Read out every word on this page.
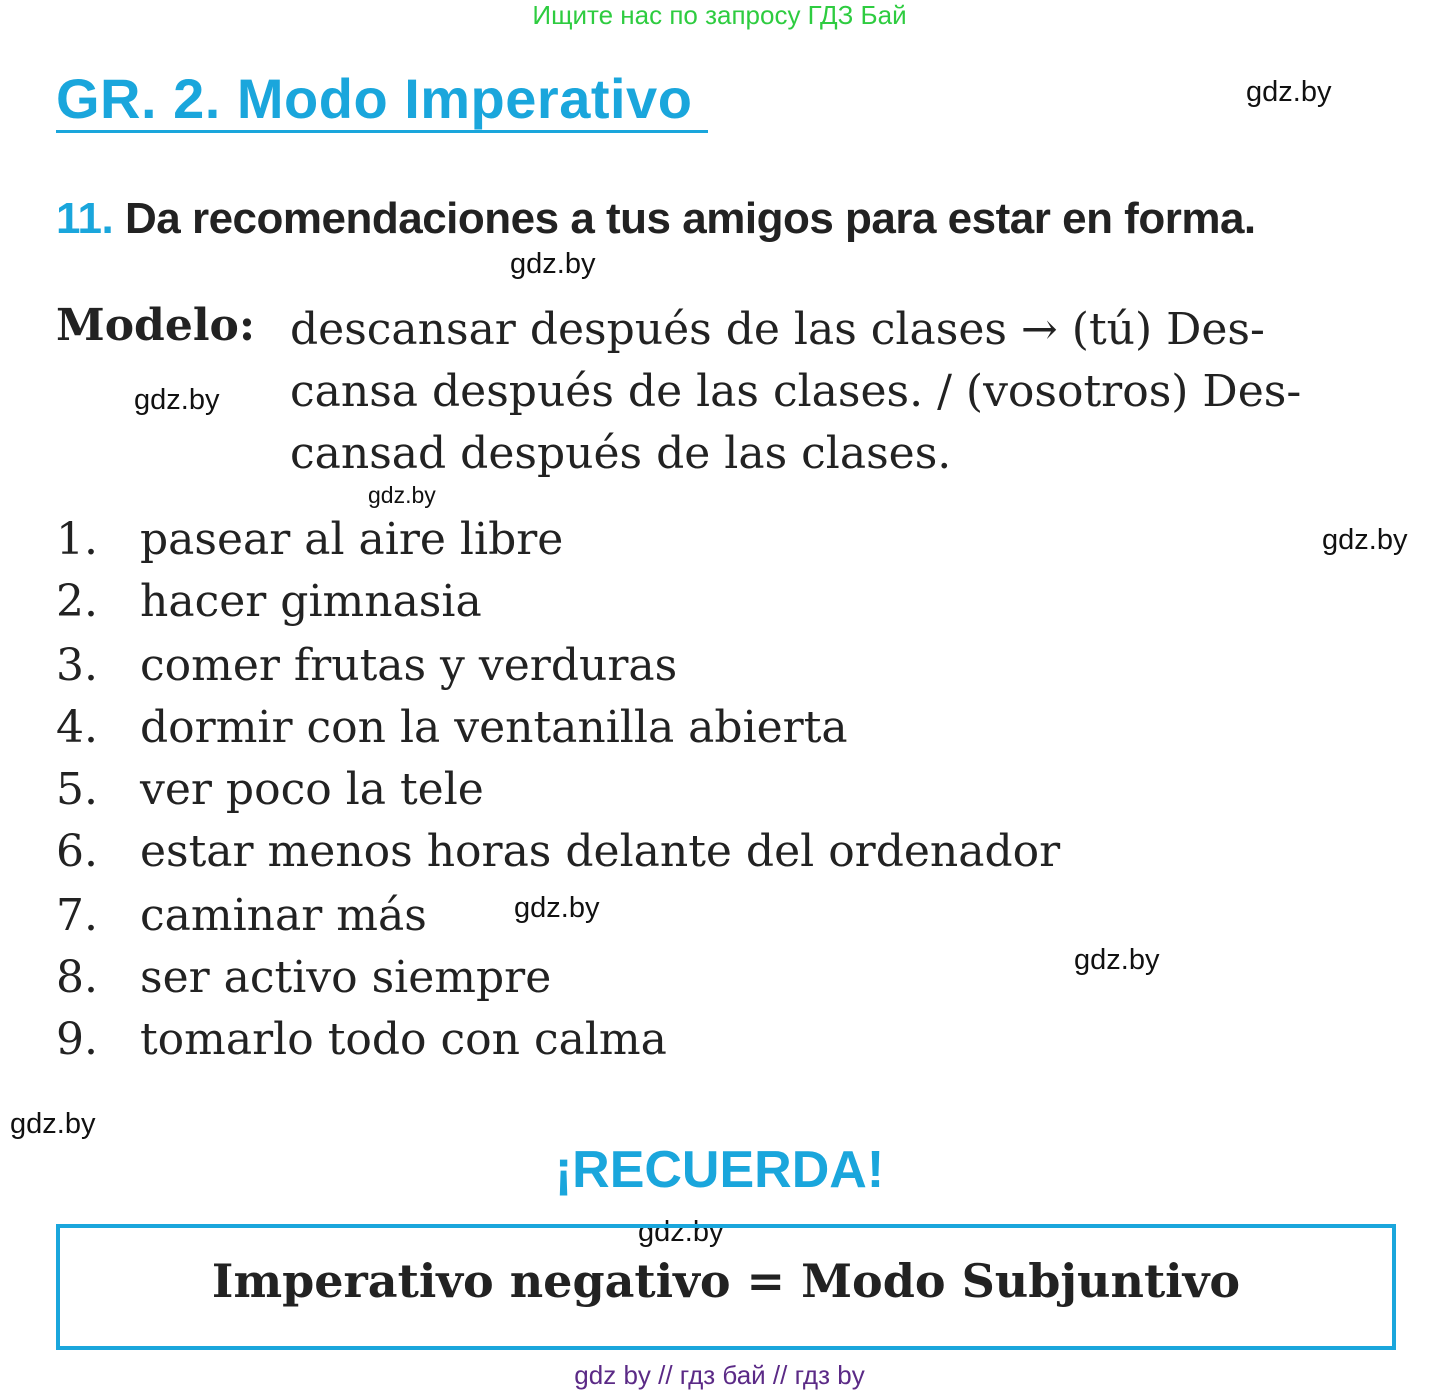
Ищите нас по запросу ГДЗ Бай
GR. 2. Modo Imperativo
11. Da recomendaciones a tus amigos para estar en forma.
gdz.by
gdz.by
gdz.by
gdz.by
gdz.by
gdz.by
gdz.by
gdz.by
gdz.by
Modelo: descansar después de las clases → (tú) Des-
cansa después de las clases. / (vosotros) Des-
cansad después de las clases.
1. pasear al aire libre
2. hacer gimnasia
3. comer frutas y verduras
4. dormir con la ventanilla abierta
5. ver poco la tele
6. estar menos horas delante del ordenador
7. caminar más
8. ser activo siempre
9. tomarlo todo con calma
¡RECUERDA!
Imperativo negativo = Modo Subjuntivo
gdz by // гдз бай // гдз by
